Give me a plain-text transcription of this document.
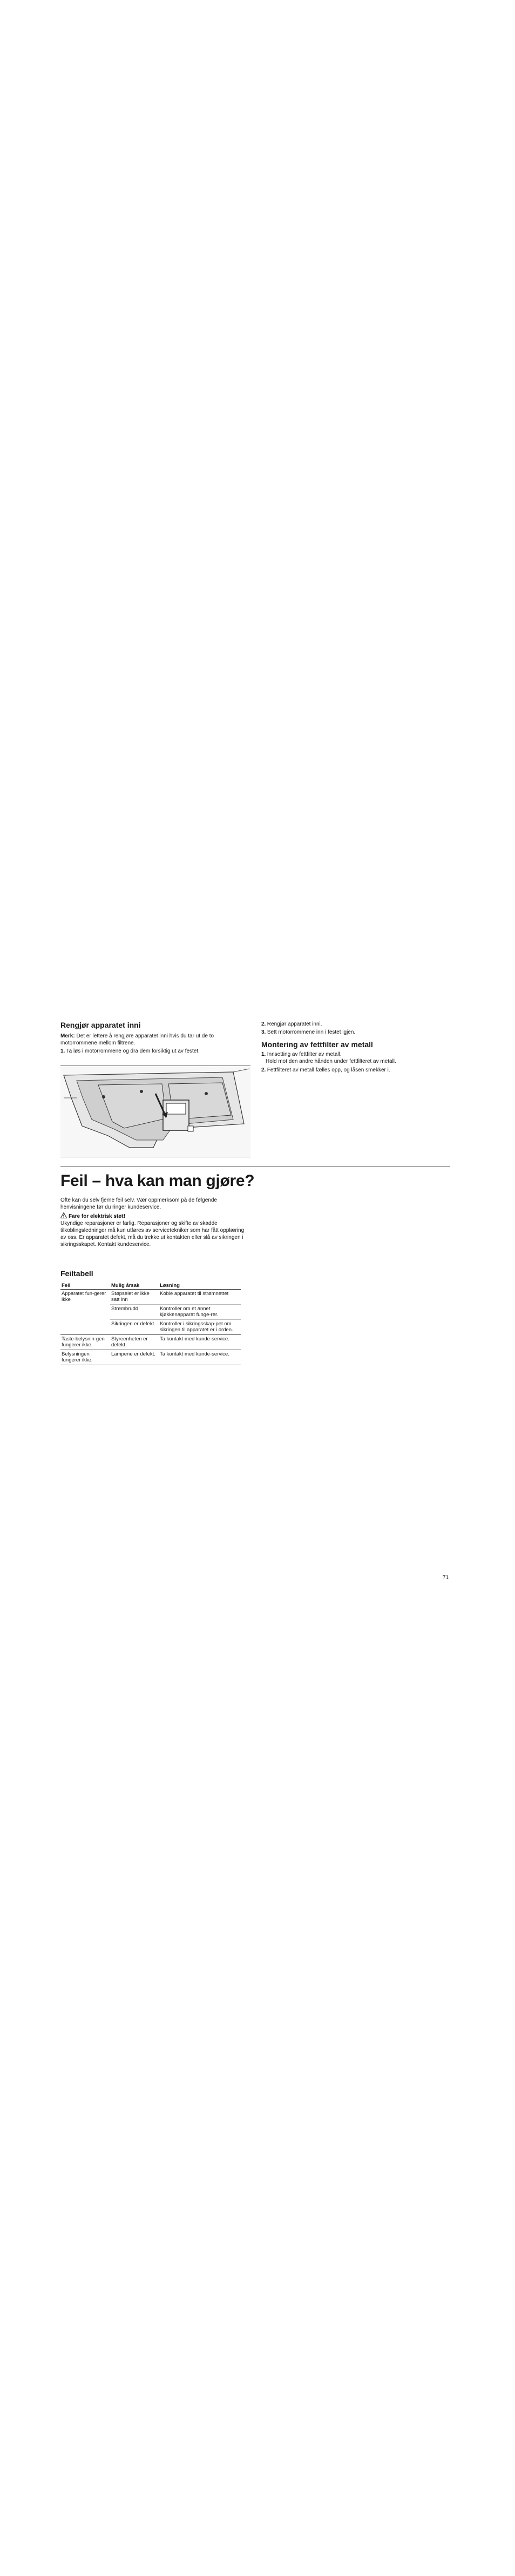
Rengjør apparatet inni

Merk: Det er lettere å rengjøre apparatet inni hvis du tar ut de to motorrommene mellom filtrene.

1. Ta løs i motorrommene og dra dem forsiktig ut av festet.

2. Rengjør apparatet inni.

3. Sett motorrommene inn i festet igjen.

Montering av fettfilter av metall

1. Innsetting av fettfilter av metall.
Hold mot den andre hånden under fettfilteret av metall.

2. Fettfilteret av metall fælles opp, og låsen smekker i.

Feil – hva kan man gjøre?

Ofte kan du selv fjerne feil selv. Vær oppmerksom på de følgende henvisningene før du ringer kundeservice.

Fare for elektrisk støt!

Ukyndige reparasjoner er farlig. Reparasjoner og skifte av skadde tilkoblingsledninger må kun utføres av servicetekniker som har fått opplæring av oss. Er apparatet defekt, må du trekke ut kontakten eller slå av sikringen i sikringsskapet. Kontakt kundeservice.

Feiltabell
Feil	Mulig årsak	Løsning
Apparatet fun-gerer ikke	Støpselet er ikke satt inn	Koble apparatet til strømnettet
	Strømbrudd	Kontroller om et annet kjøkkenapparat funge-rer.
	Sikringen er defekt.	Kontroller i sikringsskap-pet om sikringen til apparatet er i orden.
Taste-belysnin-gen fungerer ikke.	Styreenheten er defekt.	Ta kontakt med kunde-service.
Belysningen fungerer ikke.	Lampene er defekt.	Ta kontakt med kunde-service.
71
